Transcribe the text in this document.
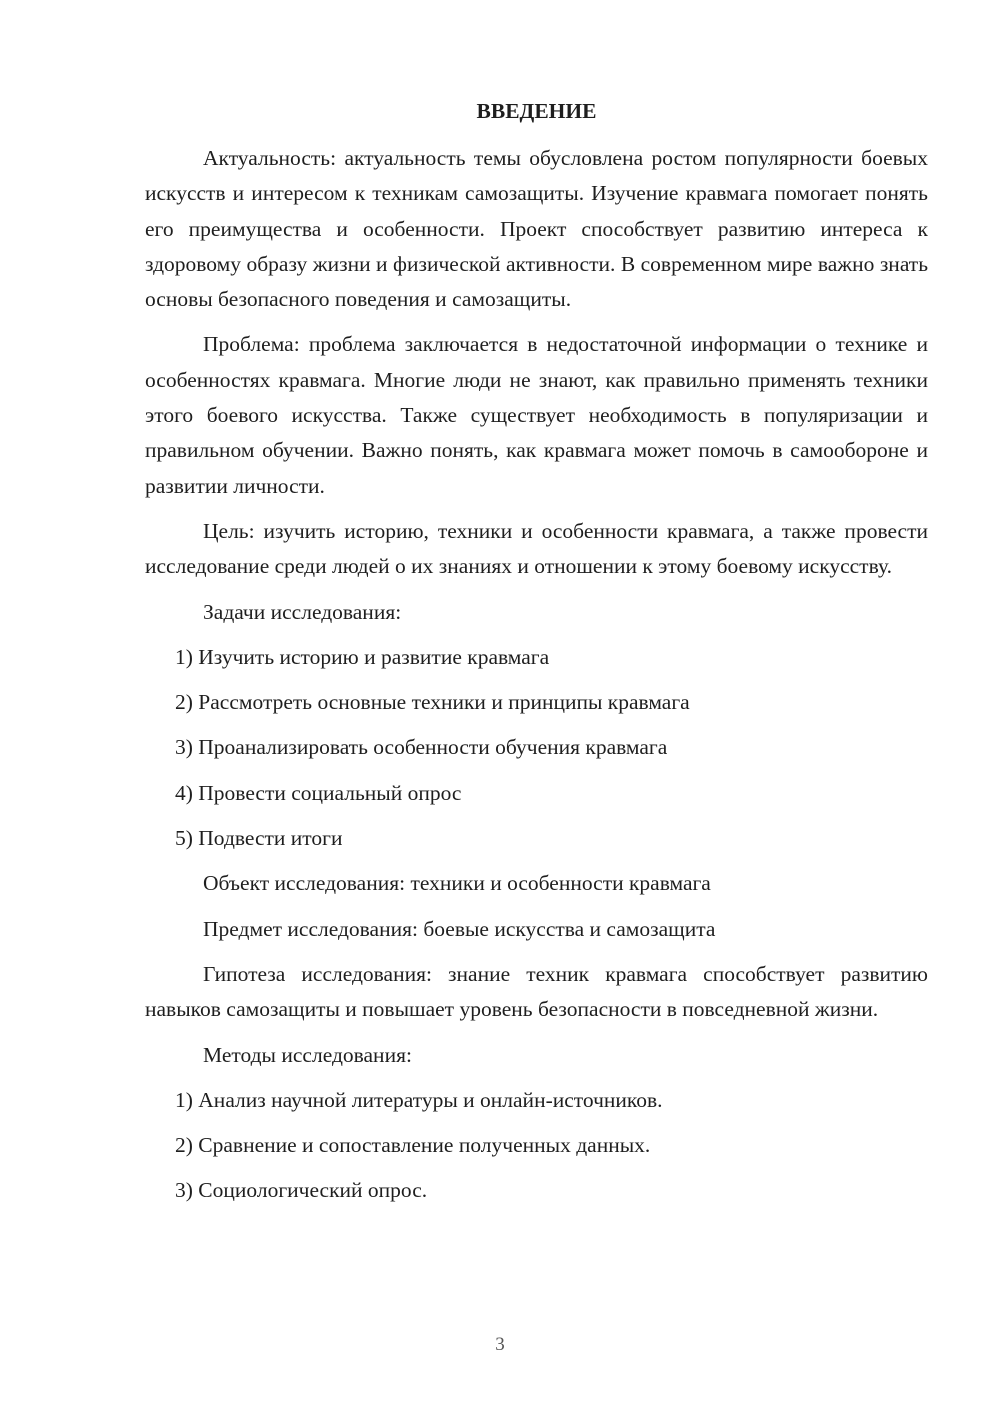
ВВЕДЕНИЕ

Актуальность: актуальность темы обусловлена ростом популярности боевых искусств и интересом к техникам самозащиты. Изучение кравмага помогает понять его преимущества и особенности. Проект способствует развитию интереса к здоровому образу жизни и физической активности. В современном мире важно знать основы безопасного поведения и самозащиты.

Проблема: проблема заключается в недостаточной информации о технике и особенностях кравмага. Многие люди не знают, как правильно применять техники этого боевого искусства. Также существует необходимость в популяризации и правильном обучении. Важно понять, как кравмага может помочь в самообороне и развитии личности.

Цель: изучить историю, техники и особенности кравмага, а также провести исследование среди людей о их знаниях и отношении к этому боевому искусству.

Задачи исследования:
1) Изучить историю и развитие кравмага
2) Рассмотреть основные техники и принципы кравмага
3) Проанализировать особенности обучения кравмага
4) Провести социальный опрос
5) Подвести итоги
Объект исследования: техники и особенности кравмага
Предмет исследования: боевые искусства и самозащита

Гипотеза исследования: знание техник кравмага способствует развитию навыков самозащиты и повышает уровень безопасности в повседневной жизни.

Методы исследования:
1) Анализ научной литературы и онлайн-источников.
2) Сравнение и сопоставление полученных данных.
3) Социологический опрос.
3
